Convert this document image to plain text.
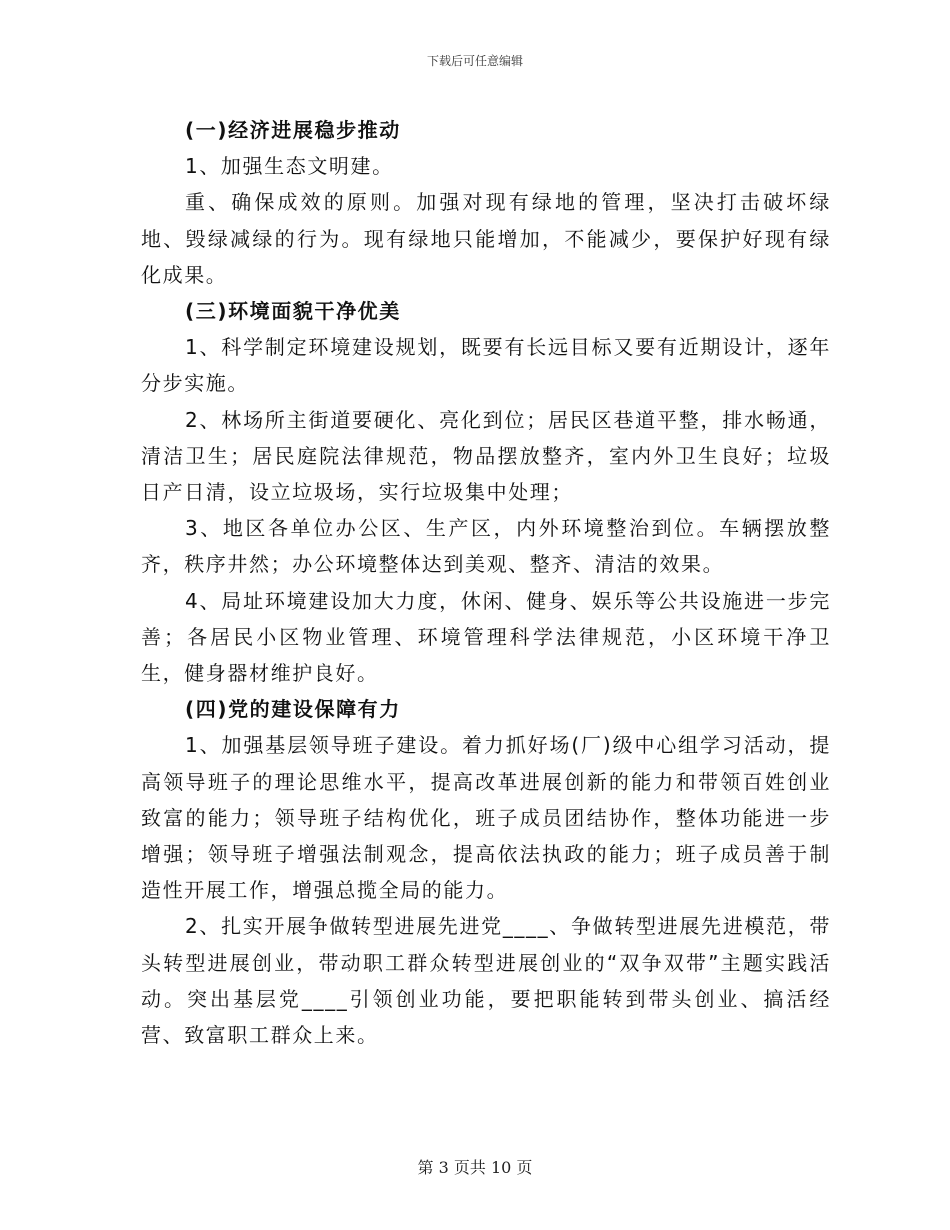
下载后可任意编辑

(一)经济进展稳步推动

1、加强生态文明建。

重、确保成效的原则。加强对现有绿地的管理，坚决打击破坏绿地、毁绿减绿的行为。现有绿地只能增加，不能减少，要保护好现有绿化成果。

(三)环境面貌干净优美

1、科学制定环境建设规划，既要有长远目标又要有近期设计，逐年分步实施。

2、林场所主街道要硬化、亮化到位；居民区巷道平整，排水畅通，清洁卫生；居民庭院法律规范，物品摆放整齐，室内外卫生良好；垃圾日产日清，设立垃圾场，实行垃圾集中处理；

3、地区各单位办公区、生产区，内外环境整治到位。车辆摆放整齐，秩序井然；办公环境整体达到美观、整齐、清洁的效果。

4、局址环境建设加大力度，休闲、健身、娱乐等公共设施进一步完善；各居民小区物业管理、环境管理科学法律规范，小区环境干净卫生，健身器材维护良好。

(四)党的建设保障有力

1、加强基层领导班子建设。着力抓好场(厂)级中心组学习活动，提高领导班子的理论思维水平，提高改革进展创新的能力和带领百姓创业致富的能力；领导班子结构优化，班子成员团结协作，整体功能进一步增强；领导班子增强法制观念，提高依法执政的能力；班子成员善于制造性开展工作，增强总揽全局的能力。

2、扎实开展争做转型进展先进党____、争做转型进展先进模范，带头转型进展创业，带动职工群众转型进展创业的“双争双带”主题实践活动。突出基层党____引领创业功能，要把职能转到带头创业、搞活经营、致富职工群众上来。

第 3 页共 10 页
